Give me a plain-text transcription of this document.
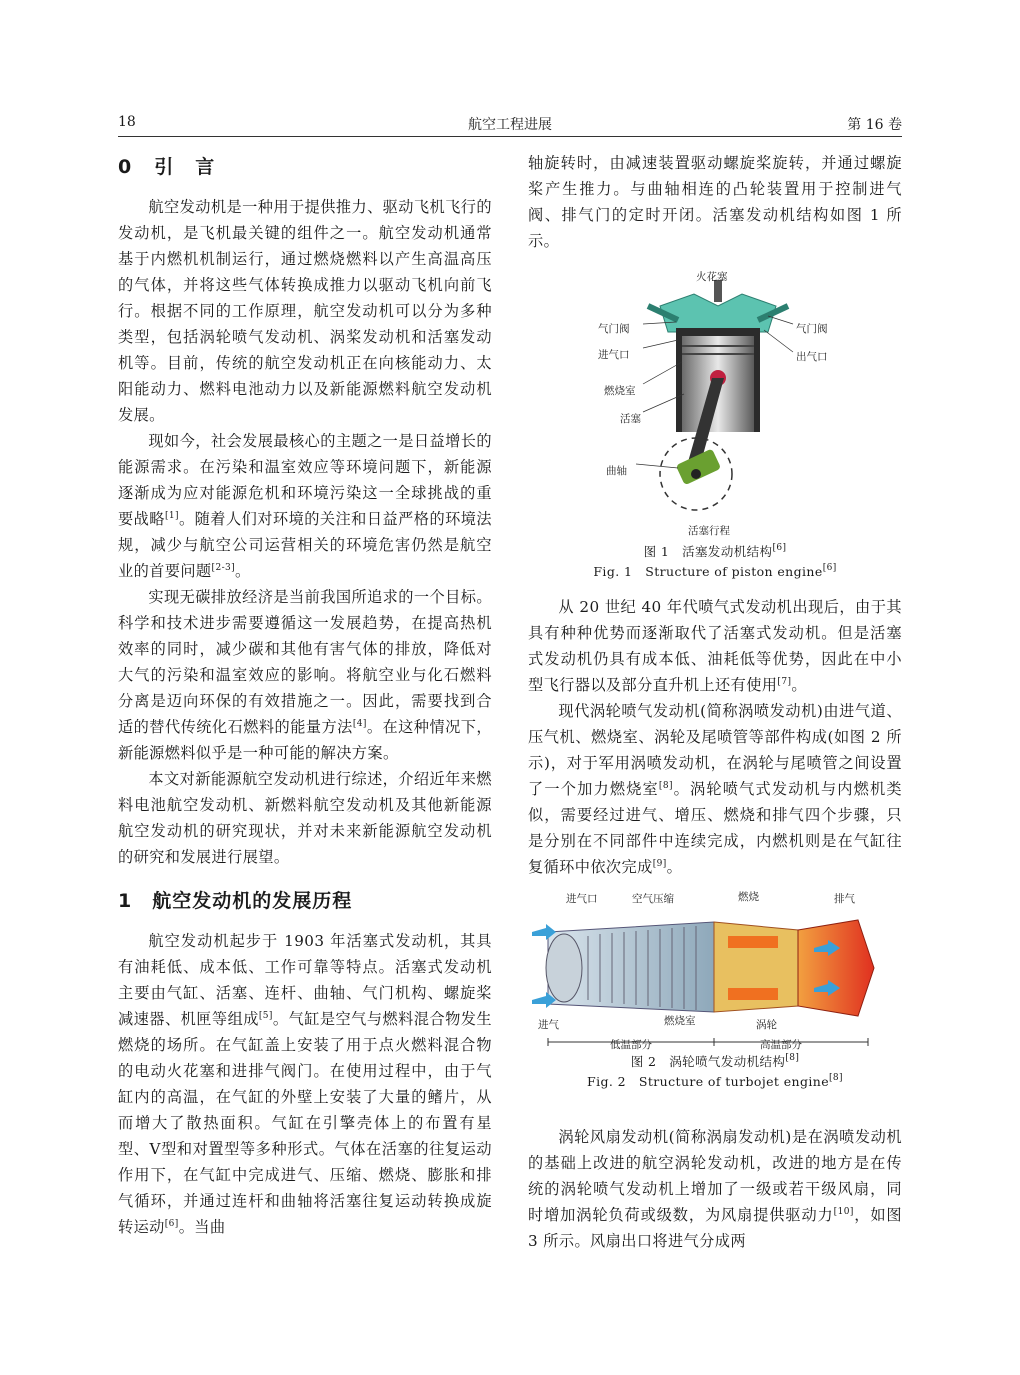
18	航空工程进展	第 16 卷
0 引言

航空发动机是一种用于提供推力、驱动飞机飞行的发动机，是飞机最关键的组件之一。航空发动机通常基于内燃机机制运行，通过燃烧燃料以产生高温高压的气体，并将这些气体转换成推力以驱动飞机向前飞行。根据不同的工作原理，航空发动机可以分为多种类型，包括涡轮喷气发动机、涡桨发动机和活塞发动机等。目前，传统的航空发动机正在向核能动力、太阳能动力、燃料电池动力以及新能源燃料航空发动机发展。

现如今，社会发展最核心的主题之一是日益增长的能源需求。在污染和温室效应等环境问题下，新能源逐渐成为应对能源危机和环境污染这一全球挑战的重要战略[1]。随着人们对环境的关注和日益严格的环境法规，减少与航空公司运营相关的环境危害仍然是航空业的首要问题[2-3]。

实现无碳排放经济是当前我国所追求的一个目标。科学和技术进步需要遵循这一发展趋势，在提高热机效率的同时，减少碳和其他有害气体的排放，降低对大气的污染和温室效应的影响。将航空业与化石燃料分离是迈向环保的有效措施之一。因此，需要找到合适的替代传统化石燃料的能量方法[4]。在这种情况下，新能源燃料似乎是一种可能的解决方案。

本文对新能源航空发动机进行综述，介绍近年来燃料电池航空发动机、新燃料航空发动机及其他新能源航空发动机的研究现状，并对未来新能源航空发动机的研究和发展进行展望。

1 航空发动机的发展历程

航空发动机起步于 1903 年活塞式发动机，其具有油耗低、成本低、工作可靠等特点。活塞式发动机主要由气缸、活塞、连杆、曲轴、气门机构、螺旋桨减速器、机匣等组成[5]。气缸是空气与燃料混合物发生燃烧的场所。在气缸盖上安装了用于点火燃料混合物的电动火花塞和进排气阀门。在使用过程中，由于气缸内的高温，在气缸的外壁上安装了大量的鳍片，从而增大了散热面积。气缸在引擎壳体上的布置有星型、V型和对置型等多种形式。气体在活塞的往复运动作用下，在气缸中完成进气、压缩、燃烧、膨胀和排气循环，并通过连杆和曲轴将活塞往复运动转换成旋转运动[6]。当曲

轴旋转时，由减速装置驱动螺旋桨旋转，并通过螺旋桨产生推力。与曲轴相连的凸轮装置用于控制进气阀、排气门的定时开闭。活塞发动机结构如图 1 所示。

火花塞
气门阀	气门阀
进气口	出气口
燃烧室
活塞
曲轴
活塞行程
图 1　活塞发动机结构[6]
Fig. 1　Structure of piston engine[6]

从 20 世纪 40 年代喷气式发动机出现后，由于其具有种种优势而逐渐取代了活塞式发动机。但是活塞式发动机仍具有成本低、油耗低等优势，因此在中小型飞行器以及部分直升机上还有使用[7]。

现代涡轮喷气发动机(简称涡喷发动机)由进气道、压气机、燃烧室、涡轮及尾喷管等部件构成(如图 2 所示)，对于军用涡喷发动机，在涡轮与尾喷管之间设置了一个加力燃烧室[8]。涡轮喷气式发动机与内燃机类似，需要经过进气、增压、燃烧和排气四个步骤，只是分别在不同部件中连续完成，内燃机则是在气缸往复循环中依次完成[9]。

进气口	空气压缩	燃烧	排气
进气	燃烧室	涡轮
低温部分	高温部分
图 2　涡轮喷气发动机结构[8]
Fig. 2　Structure of turbojet engine[8]

涡轮风扇发动机(简称涡扇发动机)是在涡喷发动机的基础上改进的航空涡轮发动机，改进的地方是在传统的涡轮喷气发动机上增加了一级或若干级风扇，同时增加涡轮负荷或级数，为风扇提供驱动力[10]，如图 3 所示。风扇出口将进气分成两
